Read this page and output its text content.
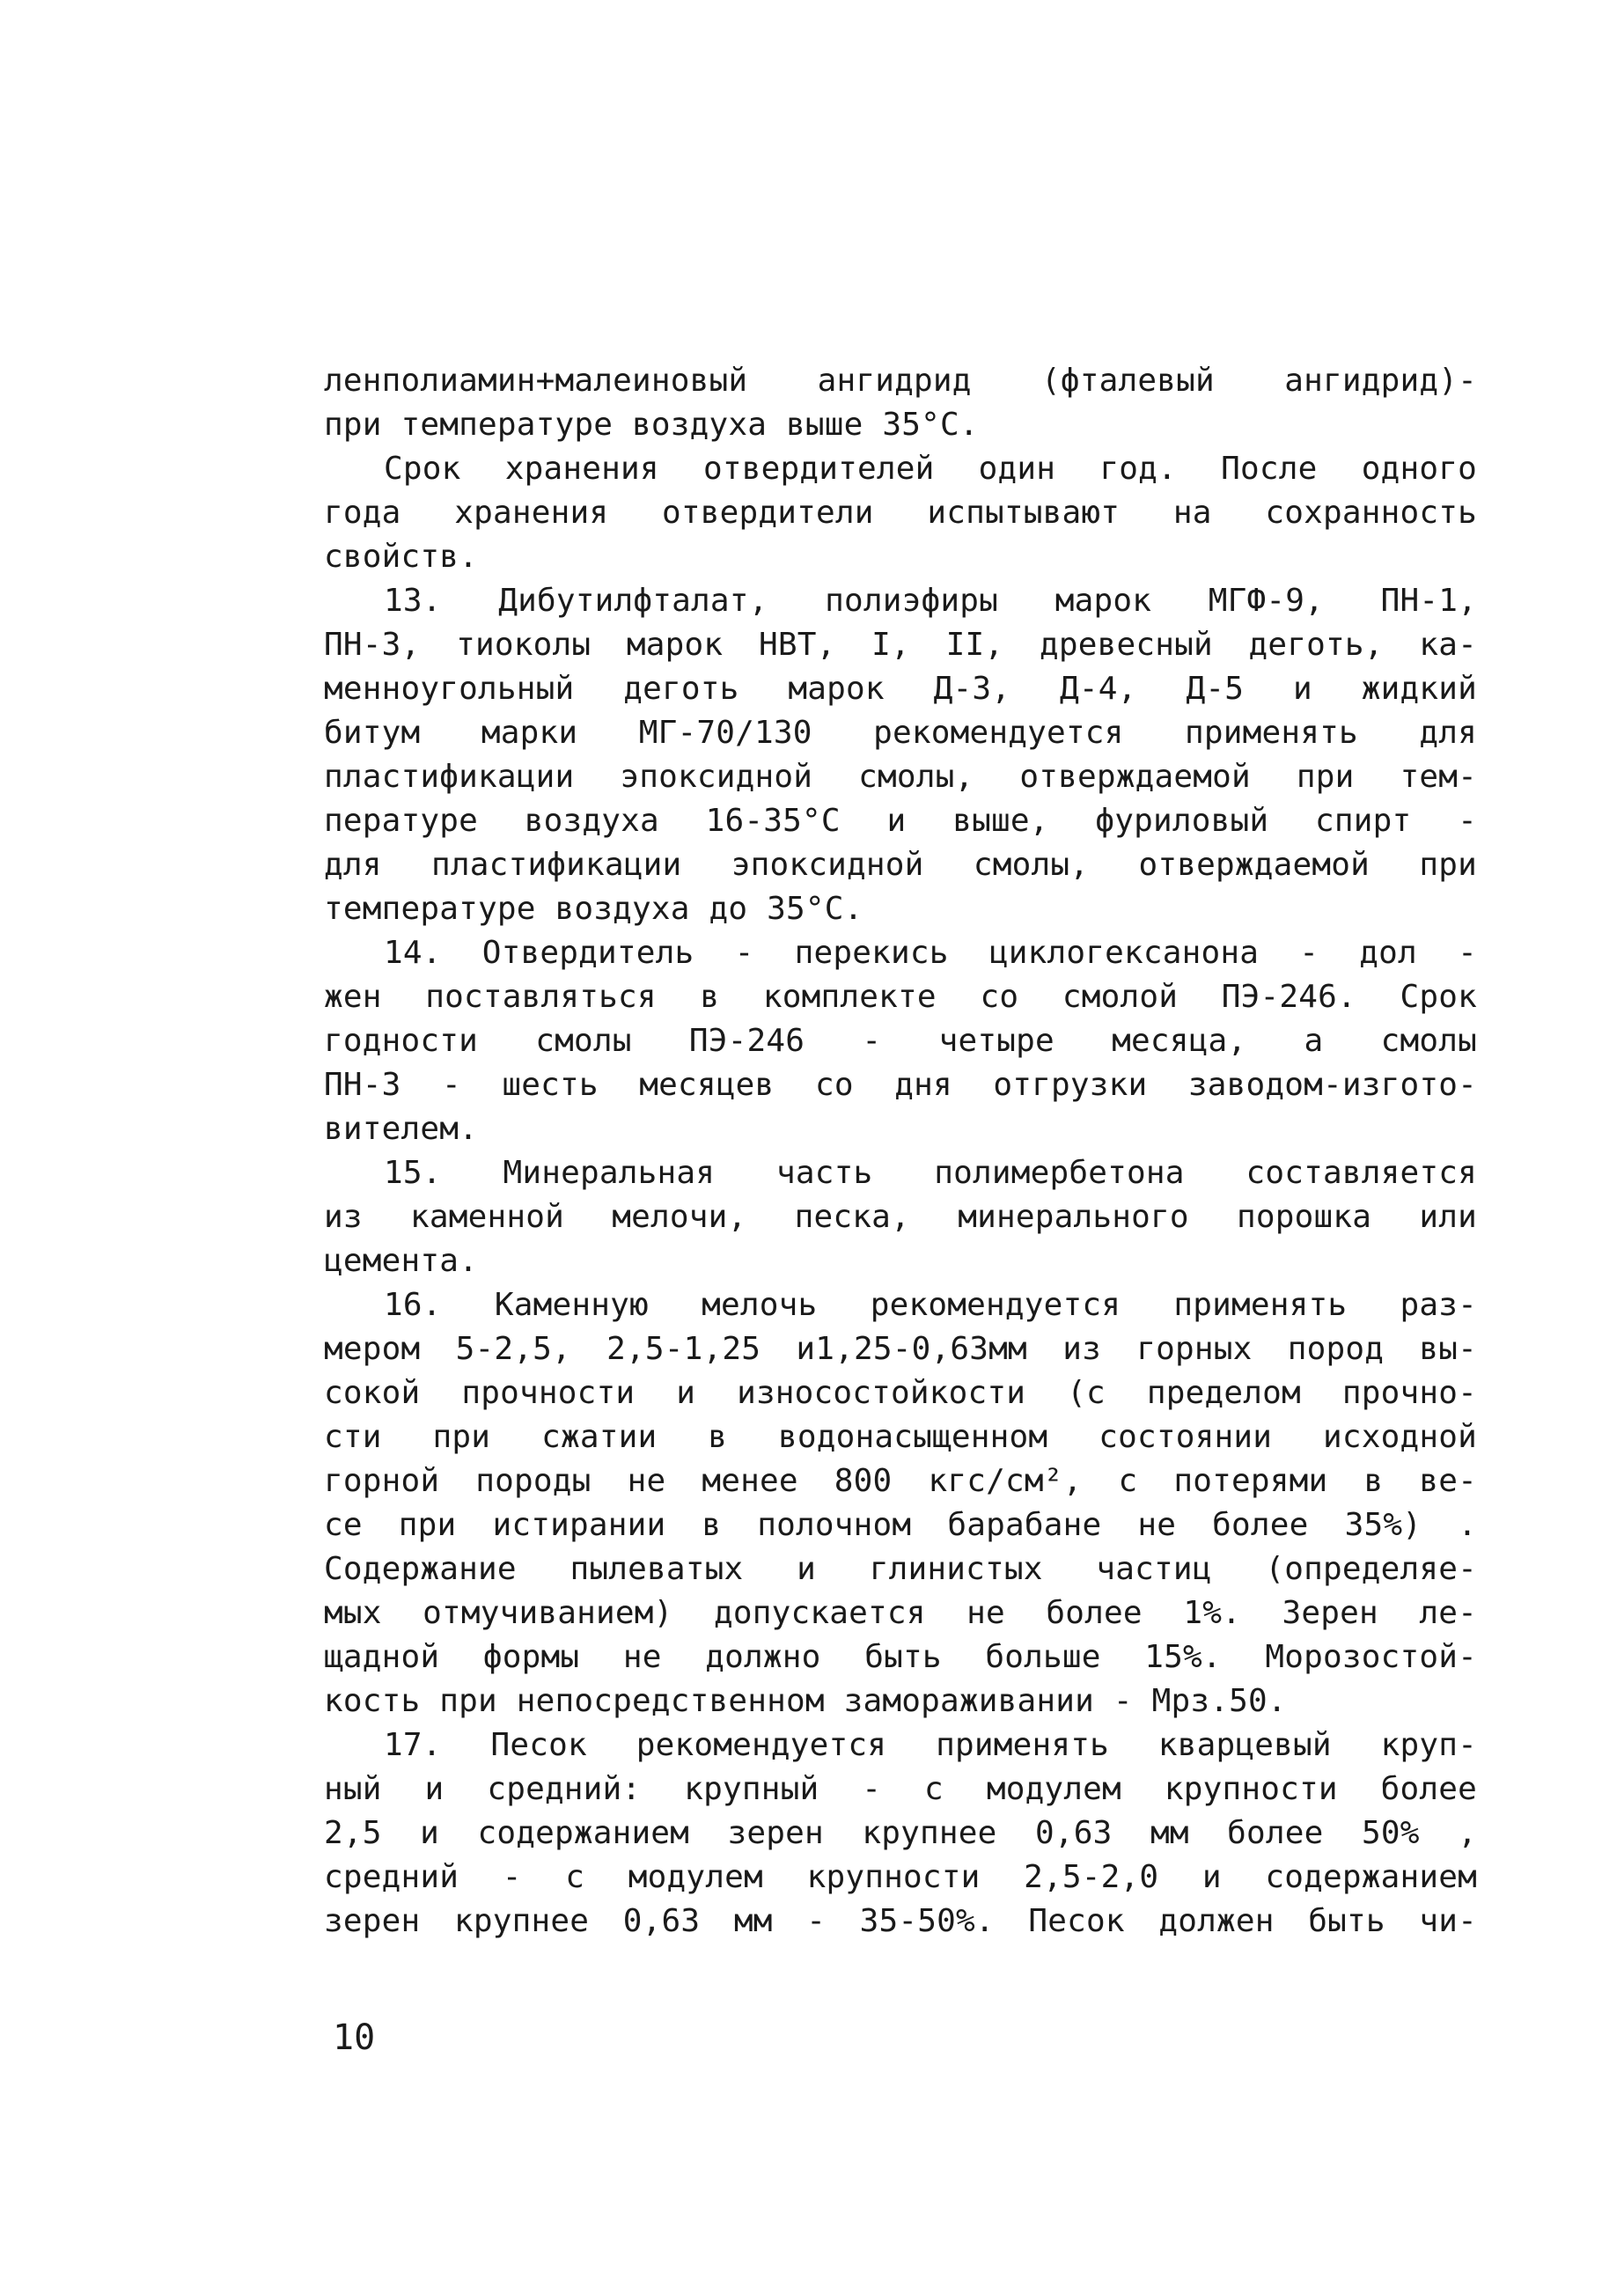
ленполиамин+малеиновый ангидрид (фталевый ангидрид)-
при температуре воздуха выше 35°С.
Срок хранения отвердителей один год. После одного
года хранения отвердители испытывают на сохранность
свойств.
13. Дибутилфталат, полиэфиры марок МГФ-9, ПН-1,
ПН-3, тиоколы марок НВТ, I, II, древесный деготь, ка-
менноугольный деготь марок Д-3, Д-4, Д-5 и жидкий
битум марки МГ-70/130 рекомендуется применять для
пластификации эпоксидной смолы, отверждаемой при тем-
пературе воздуха 16-35°С и выше, фуриловый спирт -
для пластификации эпоксидной смолы, отверждаемой при
температуре воздуха до 35°С.
14. Отвердитель - перекись циклогексанона - дол -
жен поставляться в комплекте со смолой ПЭ-246. Срок
годности смолы ПЭ-246 - четыре месяца, а смолы
ПН-3 - шесть месяцев со дня отгрузки заводом-изгото-
вителем.
15. Минеральная часть полимербетона составляется
из каменной мелочи, песка, минерального порошка или
цемента.
16. Каменную мелочь рекомендуется применять раз-
мером 5-2,5, 2,5-1,25 и1,25-0,63мм из горных пород вы-
сокой прочности и износостойкости (с пределом прочно-
сти при сжатии в водонасыщенном состоянии исходной
горной породы не менее 800 кгс/см², с потерями в ве-
се при истирании в полочном барабане не более 35%) .
Содержание пылеватых и глинистых частиц (определяе-
мых отмучиванием) допускается не более 1%. Зерен ле-
щадной формы не должно быть больше 15%. Морозостой-
кость при непосредственном замораживании - Мрз.50.
17. Песок рекомендуется применять кварцевый круп-
ный и средний: крупный - с модулем крупности более
2,5 и содержанием зерен крупнее 0,63 мм более 50% ,
средний - с модулем крупности 2,5-2,0 и содержанием
зерен крупнее 0,63 мм - 35-50%. Песок должен быть чи-
10
